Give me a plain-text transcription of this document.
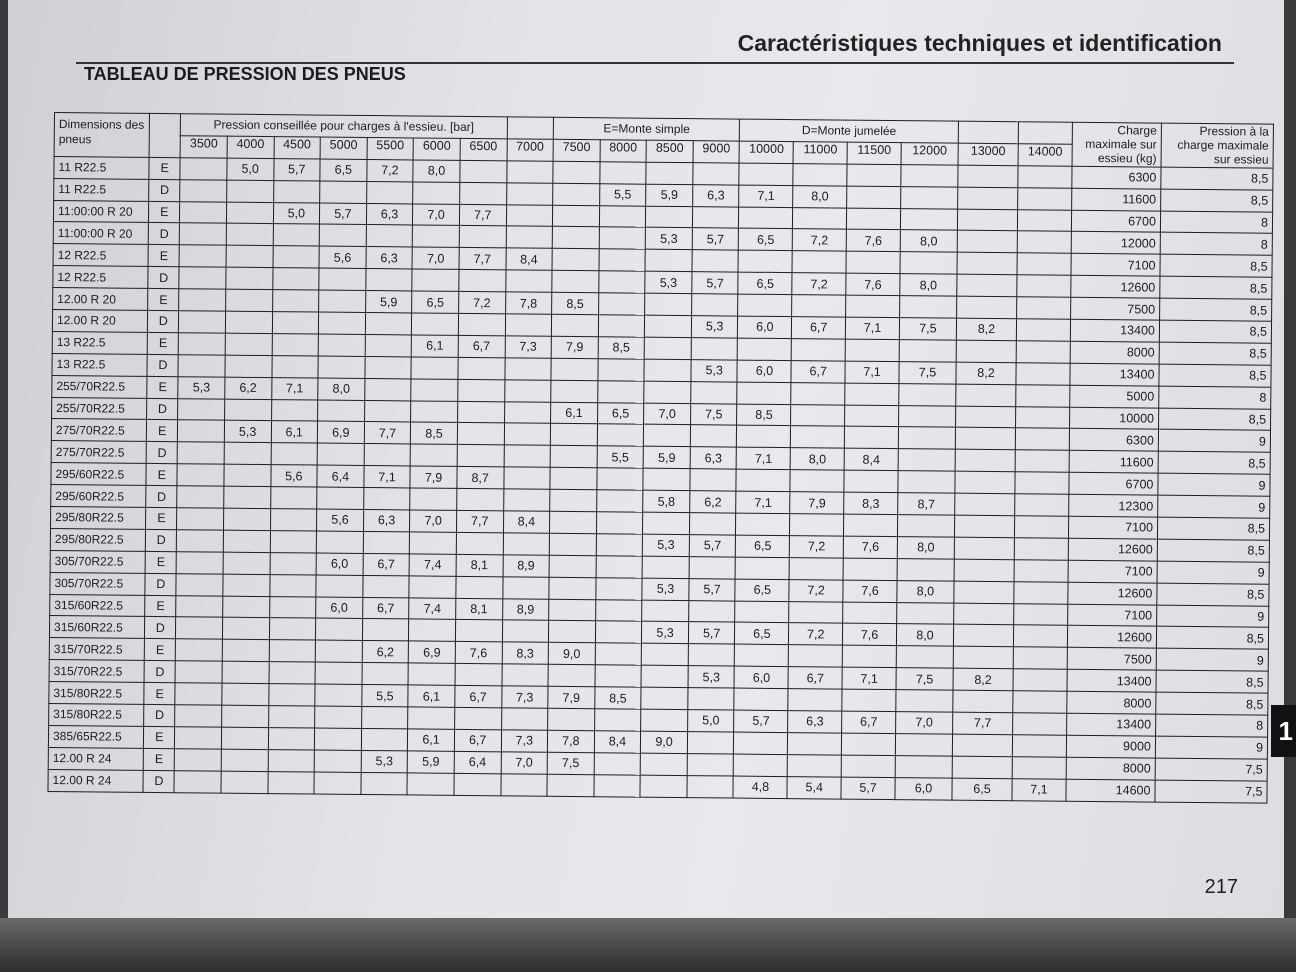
Caractéristiques techniques et identification
TABLEAU DE PRESSION DES PNEUS
Dimensions des pneus		Pression conseillée pour charges à l'essieu. [bar]								E=Monte simple				D=Monte jumelée						Charge maximale sur essieu (kg)	Pression à la charge maximale sur essieu
		3500	4000	4500	5000	5500	6000	6500	7000	7500	8000	8500	9000	10000	11000	11500	12000	13000	14000		
11 R22.5	E		5,0	5,7	6,5	7,2	8,0													6300	8,5
11 R22.5	D										5,5	5,9	6,3	7,1	8,0					11600	8,5
11:00:00 R 20	E			5,0	5,7	6,3	7,0	7,7												6700	8
11:00:00 R 20	D											5,3	5,7	6,5	7,2	7,6	8,0			12000	8
12 R22.5	E				5,6	6,3	7,0	7,7	8,4											7100	8,5
12 R22.5	D											5,3	5,7	6,5	7,2	7,6	8,0			12600	8,5
12.00 R 20	E					5,9	6,5	7,2	7,8	8,5										7500	8,5
12.00 R 20	D												5,3	6,0	6,7	7,1	7,5	8,2		13400	8,5
13 R22.5	E						6,1	6,7	7,3	7,9	8,5									8000	8,5
13 R22.5	D												5,3	6,0	6,7	7,1	7,5	8,2		13400	8,5
255/70R22.5	E	5,3	6,2	7,1	8,0															5000	8
255/70R22.5	D									6,1	6,5	7,0	7,5	8,5						10000	8,5
275/70R22.5	E		5,3	6,1	6,9	7,7	8,5													6300	9
275/70R22.5	D										5,5	5,9	6,3	7,1	8,0	8,4				11600	8,5
295/60R22.5	E			5,6	6,4	7,1	7,9	8,7												6700	9
295/60R22.5	D											5,8	6,2	7,1	7,9	8,3	8,7			12300	9
295/80R22.5	E				5,6	6,3	7,0	7,7	8,4											7100	8,5
295/80R22.5	D											5,3	5,7	6,5	7,2	7,6	8,0			12600	8,5
305/70R22.5	E				6,0	6,7	7,4	8,1	8,9											7100	9
305/70R22.5	D											5,3	5,7	6,5	7,2	7,6	8,0			12600	8,5
315/60R22.5	E				6,0	6,7	7,4	8,1	8,9											7100	9
315/60R22.5	D											5,3	5,7	6,5	7,2	7,6	8,0			12600	8,5
315/70R22.5	E					6,2	6,9	7,6	8,3	9,0										7500	9
315/70R22.5	D												5,3	6,0	6,7	7,1	7,5	8,2		13400	8,5
315/80R22.5	E					5,5	6,1	6,7	7,3	7,9	8,5									8000	8,5
315/80R22.5	D												5,0	5,7	6,3	6,7	7,0	7,7		13400	8
385/65R22.5	E						6,1	6,7	7,3	7,8	8,4	9,0								9000	9
12.00 R 24	E					5,3	5,9	6,4	7,0	7,5										8000	7,5
12.00 R 24	D													4,8	5,4	5,7	6,0	6,5	7,1	14600	7,5
217
1
